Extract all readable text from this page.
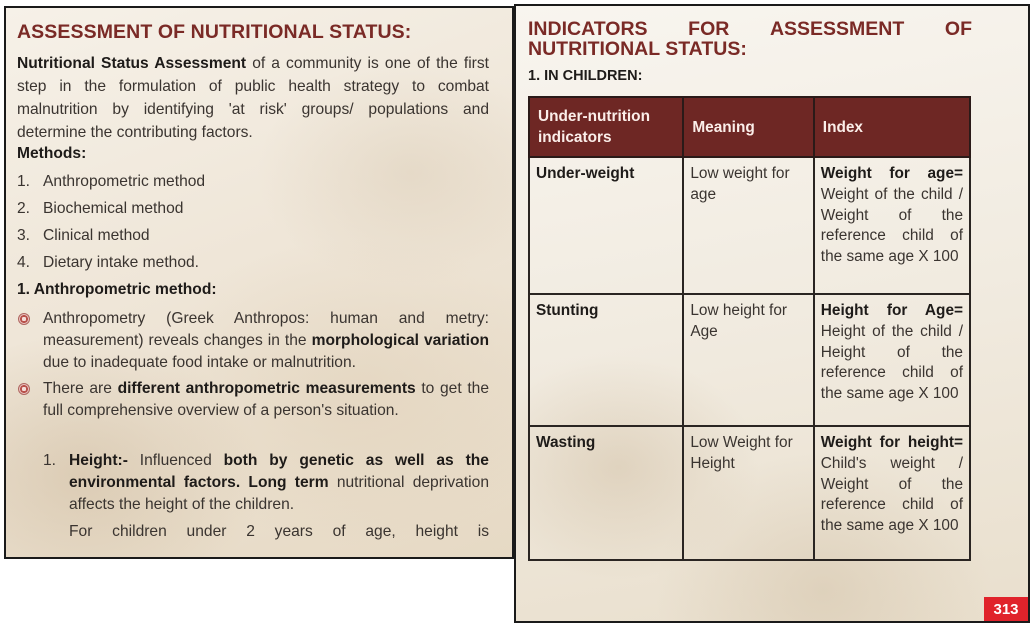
ASSESSMENT OF NUTRITIONAL STATUS:

Nutritional Status Assessment of a community is one of the first step in the formulation of public health strategy to combat malnutrition by identifying 'at risk' groups/ populations and determine the contributing factors.

Methods:
1. Anthropometric method
2. Biochemical method
3. Clinical method
4. Dietary intake method.
1. Anthropometric method:
Anthropometry (Greek Anthropos: human and metry: measurement) reveals changes in the morphological variation due to inadequate food intake or malnutrition.
There are different anthropometric measurements to get the full comprehensive overview of a person's situation.
1. Height:- Influenced both by genetic as well as the environmental factors. Long term nutritional deprivation affects the height of the children.

For children under 2 years of age, height is

INDICATORS FOR ASSESSMENT OF
NUTRITIONAL STATUS:
1. IN CHILDREN:
Under-nutrition indicators	Meaning	Index
Under-weight	Low weight for age	Weight for age= Weight of the child / Weight of the reference child of the same age X 100
Stunting	Low height for Age	Height for Age= Height of the child / Height of the reference child of the same age X 100
Wasting	Low Weight for Height	Weight for height= Child's weight / Weight of the reference child of the same age X 100
313
